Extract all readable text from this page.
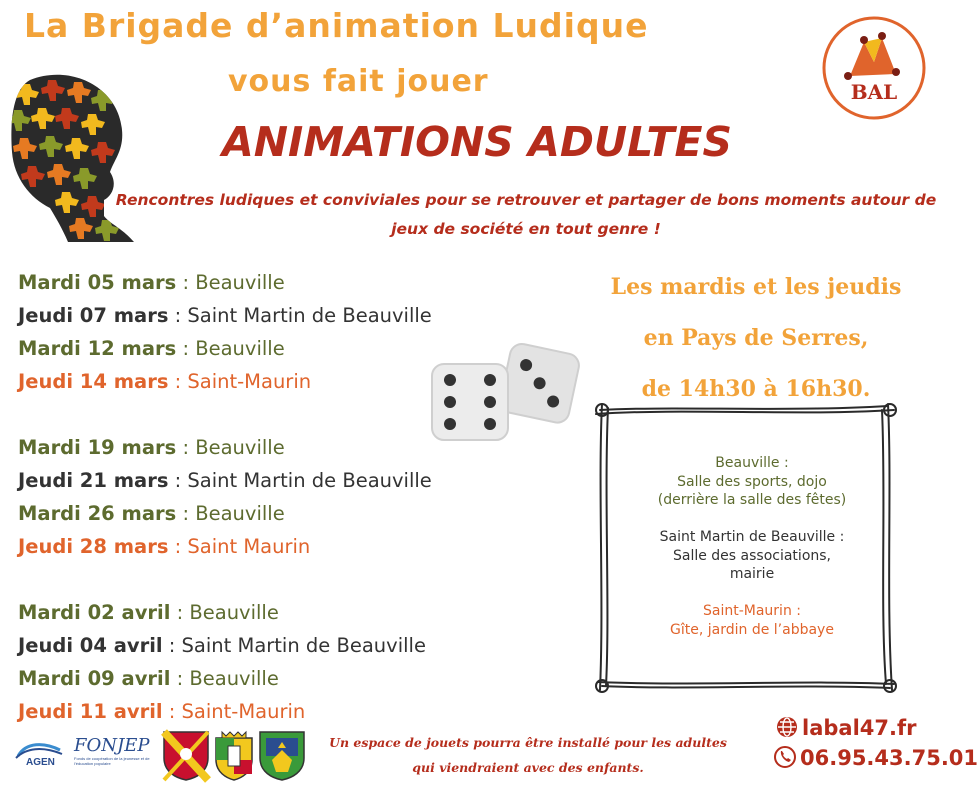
BAL
La Brigade d’animation Ludique
vous fait jouer
ANIMATIONS ADULTES
Rencontres ludiques et conviviales pour se retrouver et partager de bons moments autour de jeux de société en tout genre !
Mardi 05 mars : Beauville
Jeudi 07 mars : Saint Martin de Beauville
Mardi 12 mars : Beauville
Jeudi 14 mars : Saint-Maurin
Mardi 19 mars : Beauville
Jeudi 21 mars : Saint Martin de Beauville
Mardi 26 mars : Beauville
Jeudi 28 mars : Saint Maurin
Mardi 02 avril : Beauville
Jeudi 04 avril : Saint Martin de Beauville
Mardi 09 avril : Beauville
Jeudi 11 avril : Saint-Maurin
Les mardis et les jeudis
en Pays de Serres,
de 14h30 à 16h30.
Beauville :
Salle des sports, dojo
(derrière la salle des fêtes)
Saint Martin de Beauville :
Salle des associations,
mairie
Saint-Maurin :
Gîte, jardin de l’abbaye
AGEN
FONJEP
Fonds de coopération de la jeunesse et de l’éducation populaire
Un espace de jouets pourra être installé pour les adultes
qui viendraient avec des enfants.
labal47.fr
06.95.43.75.01
